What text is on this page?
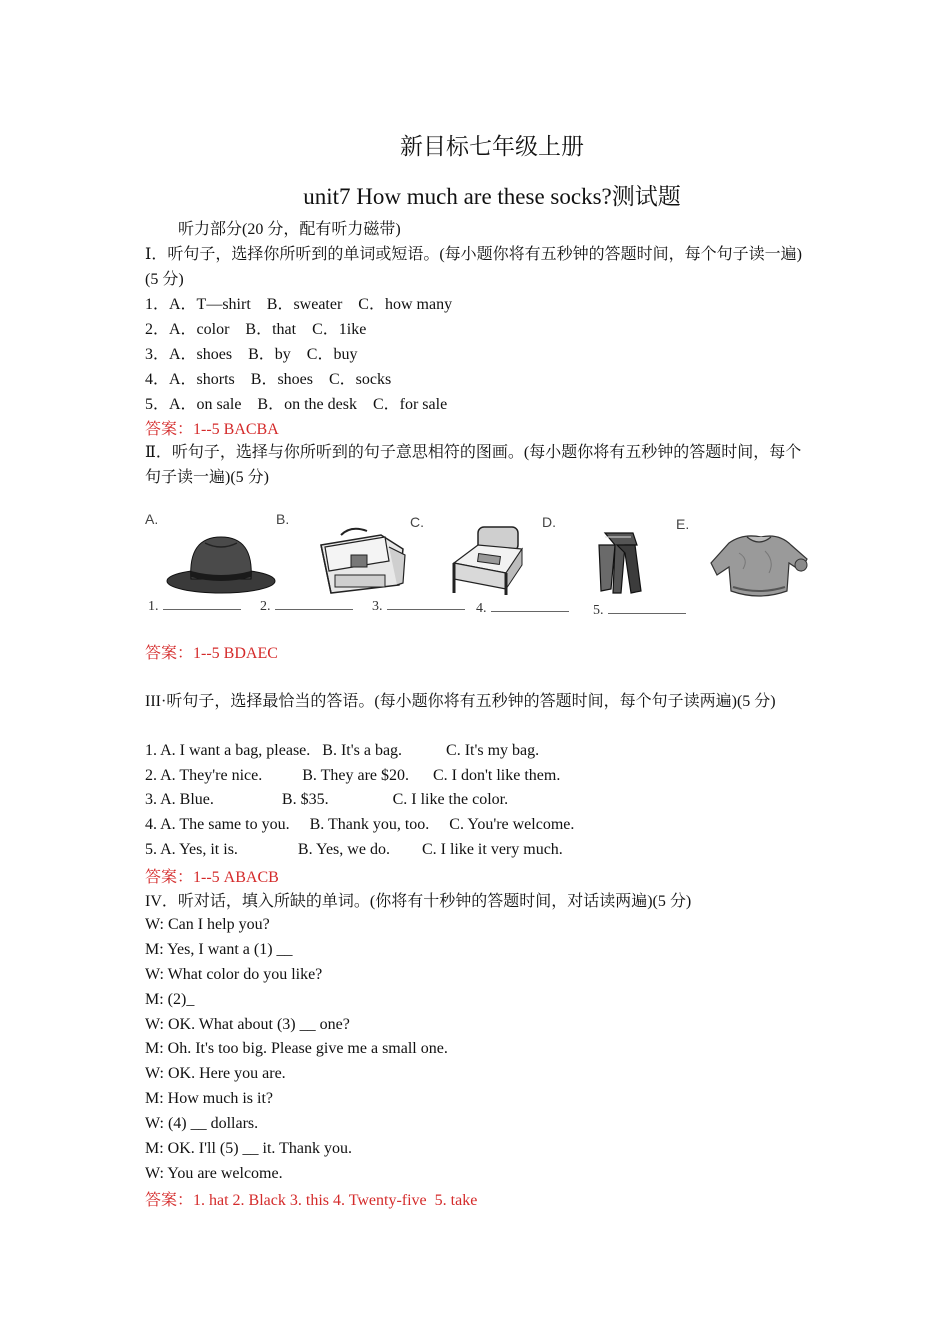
新目标七年级上册
unit7 How much are these socks?测试题
听力部分(20 分，配有听力磁带)
Ⅰ．听句子，选择你所听到的单词或短语。(每小题你将有五秒钟的答题时间，每个句子读一遍)(5 分)
1．A．T—shirt　B．sweater　C．how many
2．A．color　B．that　C．1ike
3．A．shoes　B．by　C．buy
4．A．shorts　B．shoes　C．socks
5．A．on sale　B．on the desk　C．for sale
答案：1--5 BACBA
Ⅱ．听句子，选择与你所听到的句子意思相符的图画。(每小题你将有五秒钟的答题时间，每个句子读一遍)(5 分)
A.	B.	C.	D.	E.
1.	2.	3.	4.	5.
答案：1--5 BDAEC
III·听句子，选择最恰当的答语。(每小题你将有五秒钟的答题时间，每个句子读两遍)(5 分)
1. A. I want a bag, please.   B. It's a bag.           C. It's my bag.
2. A. They're nice.          B. They are $20.      C. I don't like them.
3. A. Blue.                 B. $35.                C. I like the color.
4. A. The same to you.     B. Thank you, too.     C. You're welcome.
5. A. Yes, it is.               B. Yes, we do.        C. I like it very much.
答案：1--5 ABACB
IV．听对话，填入所缺的单词。(你将有十秒钟的答题时间，对话读两遍)(5 分)
W: Can I help you?
M: Yes, I want a (1) __
W: What color do you like?
M: (2)_
W: OK. What about (3) __ one?
M: Oh. It's too big. Please give me a small one.
W: OK. Here you are.
M: How much is it?
W: (4) __ dollars.
M: OK. I'll (5) __ it. Thank you.
W: You are welcome.
答案：1. hat 2. Black 3. this 4. Twenty-five  5. take
